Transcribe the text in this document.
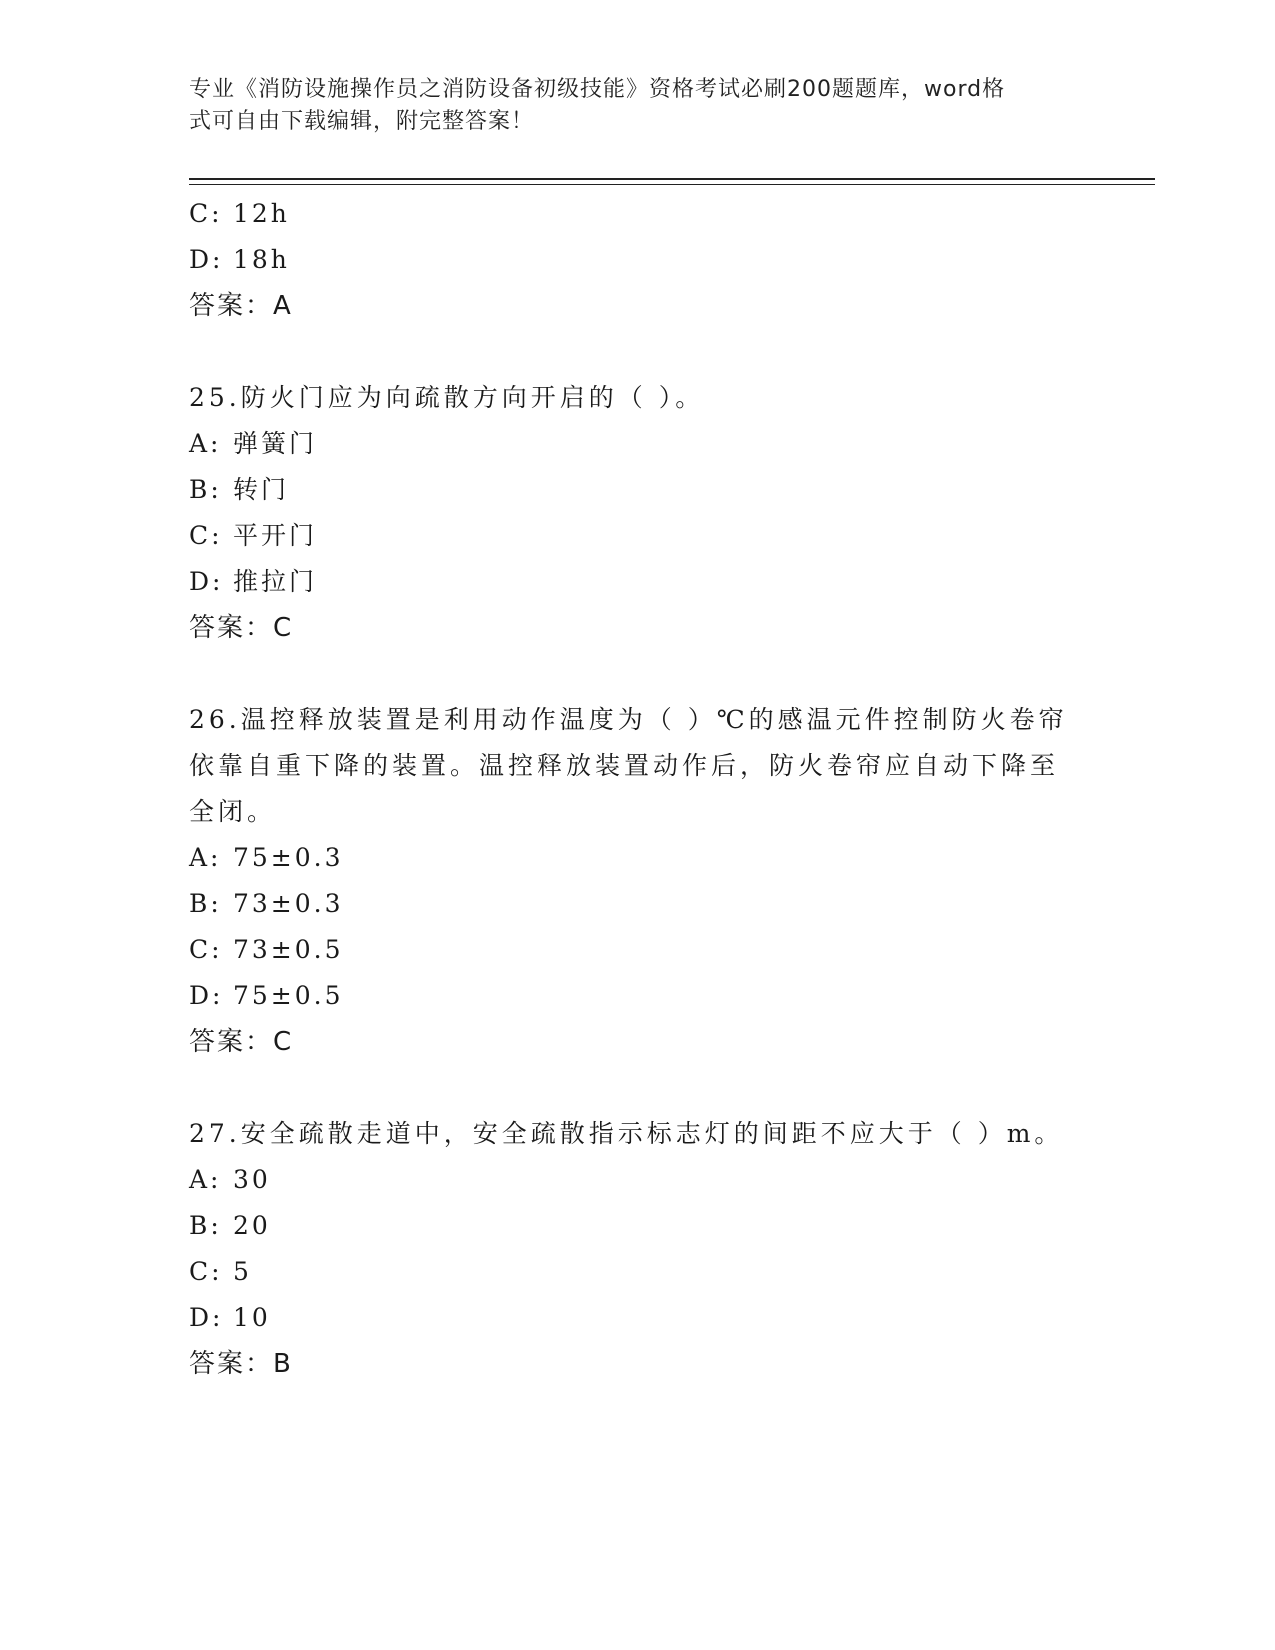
专业《消防设施操作员之消防设备初级技能》资格考试必刷200题题库，word格
式可自由下载编辑，附完整答案！
C: 12h
D: 18h
答案：A
25.防火门应为向疏散方向开启的（ ）。
A: 弹簧门
B: 转门
C: 平开门
D: 推拉门
答案：C
26.温控释放装置是利用动作温度为（ ）℃的感温元件控制防火卷帘依靠自重下降的装置。温控释放装置动作后，防火卷帘应自动下降至全闭。
A: 75±0.3
B: 73±0.3
C: 73±0.5
D: 75±0.5
答案：C
27.安全疏散走道中，安全疏散指示标志灯的间距不应大于（ ）m。
A: 30
B: 20
C: 5
D: 10
答案：B
